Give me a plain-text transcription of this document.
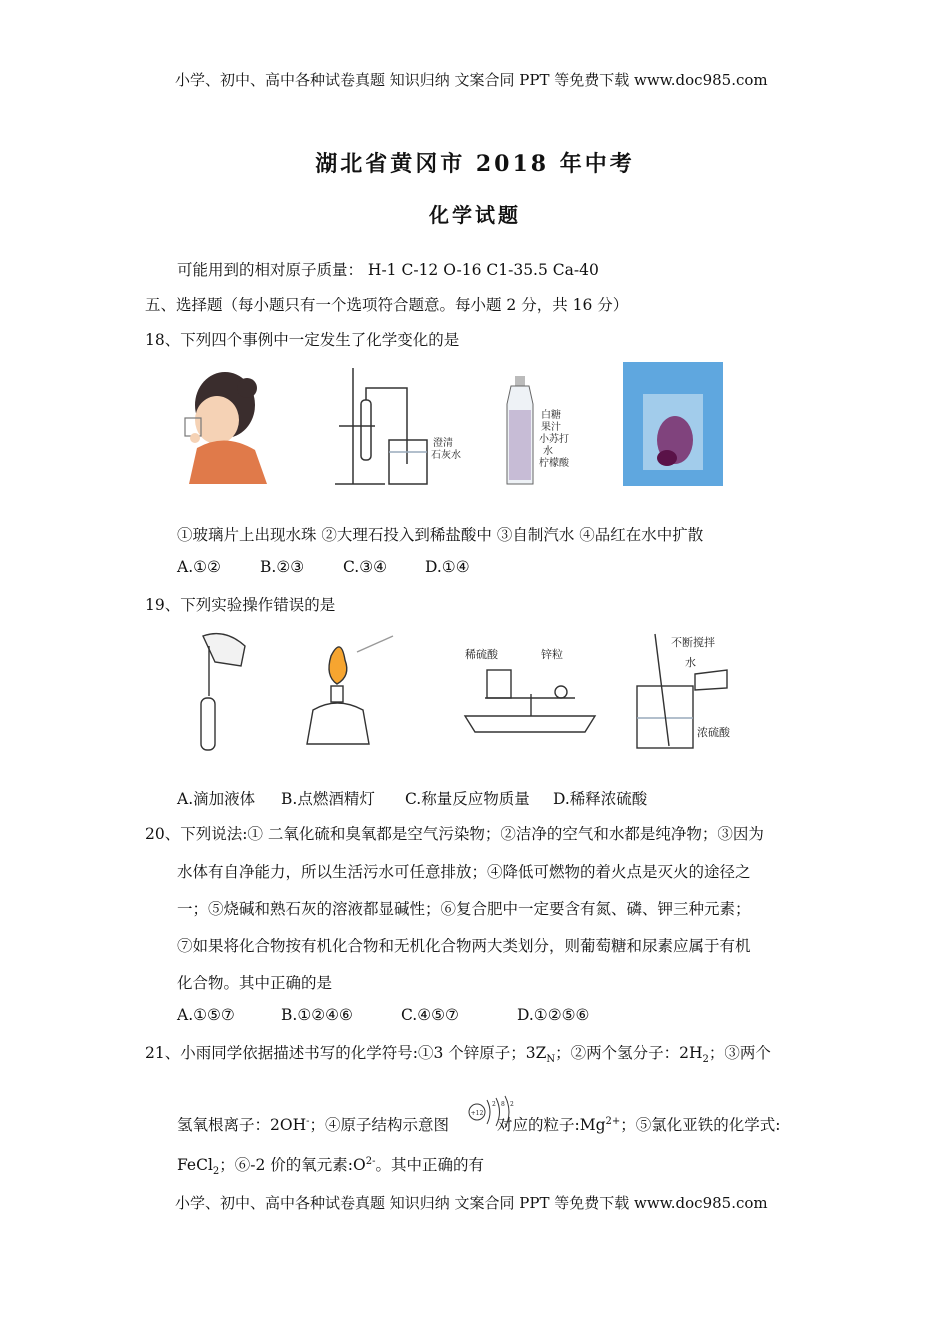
小学、初中、高中各种试卷真题 知识归纳 文案合同 PPT 等免费下载 www.doc985.com
湖北省黄冈市 2018 年中考
化学试题
可能用到的相对原子质量： H-1 C-12 O-16 C1-35.5 Ca-40
五、选择题（每小题只有一个选项符合题意。每小题 2 分，共 16 分）
18、下列四个事例中一定发生了化学变化的是
澄清
石灰水
白糖
果汁
小苏打
水
柠檬酸
①玻璃片上出现水珠 ②大理石投入到稀盐酸中 ③自制汽水 ④品红在水中扩散
A.①②	B.②③	C.③④ D.①④
19、下列实验操作错误的是
稀硫酸	锌粒
不断搅拌
水
浓硫酸
A.滴加液体 B.点燃酒精灯 C.称量反应物质量 D.稀释浓硫酸
20、下列说法:① 二氧化硫和臭氧都是空气污染物；②洁净的空气和水都是纯净物；③因为
水体有自净能力，所以生活污水可任意排放；④降低可燃物的着火点是灭火的途径之
一；⑤烧碱和熟石灰的溶液都显碱性；⑥复合肥中一定要含有氮、磷、钾三种元素；
⑦如果将化合物按有机化合物和无机化合物两大类划分，则葡萄糖和尿素应属于有机
化合物。其中正确的是
A.①⑤⑦	B.①②④⑥	C.④⑤⑦	D.①②⑤⑥
21、小雨同学依据描述书写的化学符号:①3 个锌原子；$3Z_N$；②两个氢分子：$2H_2$；③两个
氢氧根离子：2OH-；④原子结构示意图	对应的粒子$:Mg^{2+}$；⑤氯化亚铁的化学式:
+12
2 8 2
FeCl$_2$；⑥-2 价的氧元素$:O^{2-}$。其中正确的有
小学、初中、高中各种试卷真题 知识归纳 文案合同 PPT 等免费下载 www.doc985.com
